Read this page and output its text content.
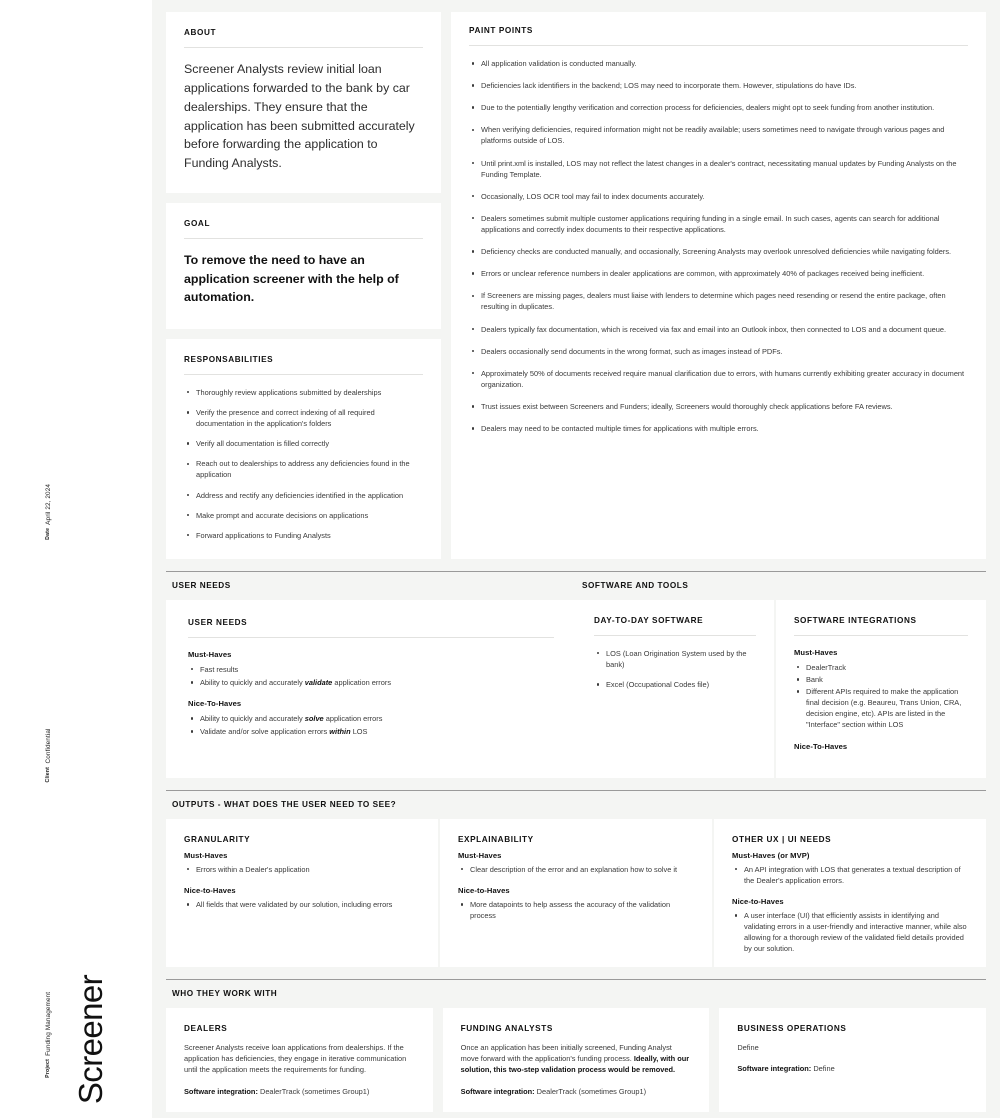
Date
April 22, 2024
Client
Confidential
Project
Funding Management Screener
ABOUT
Screener Analysts review initial loan applications forwarded to the bank by car dealerships. They ensure that the application has been submitted accurately before forwarding the application to Funding Analysts.
GOAL
To remove the need to have an application screener with the help of automation.
RESPONSABILITIES
Thoroughly review applications submitted by dealerships
Verify the presence and correct indexing of all required documentation in the application's folders
Verify all documentation is filled correctly
Reach out to dealerships to address any deficiencies found in the application
Address and rectify any deficiencies identified in the application
Make prompt and accurate decisions on applications
Forward applications to Funding Analysts
PAINT POINTS
All application validation is conducted manually.
Deficiencies lack identifiers in the backend; LOS may need to incorporate them. However, stipulations do have IDs.
Due to the potentially lengthy verification and correction process for deficiencies, dealers might opt to seek funding from another institution.
When verifying deficiencies, required information might not be readily available; users sometimes need to navigate through various pages and platforms outside of LOS.
Until print.xml is installed, LOS may not reflect the latest changes in a dealer's contract, necessitating manual updates by Funding Analysts on the Funding Template.
Occasionally, LOS OCR tool may fail to index documents accurately.
Dealers sometimes submit multiple customer applications requiring funding in a single email. In such cases, agents can search for additional applications and correctly index documents to their respective applications.
Deficiency checks are conducted manually, and occasionally, Screening Analysts may overlook unresolved deficiencies while navigating folders.
Errors or unclear reference numbers in dealer applications are common, with approximately 40% of packages received being inefficient.
If Screeners are missing pages, dealers must liaise with lenders to determine which pages need resending or resend the entire package, often resulting in duplicates.
Dealers typically fax documentation, which is received via fax and email into an Outlook inbox, then connected to LOS and a document queue.
Dealers occasionally send documents in the wrong format, such as images instead of PDFs.
Approximately 50% of documents received require manual clarification due to errors, with humans currently exhibiting greater accuracy in document organization.
Trust issues exist between Screeners and Funders; ideally, Screeners would thoroughly check applications before FA reviews.
Dealers may need to be contacted multiple times for applications with multiple errors.
USER NEEDS
USER NEEDS
Must-Haves
Fast results
Ability to quickly and accurately validate application errors
Nice-To-Haves
Ability to quickly and accurately solve application errors
Validate and/or solve application errors within LOS
SOFTWARE AND TOOLS
DAY-TO-DAY SOFTWARE
LOS (Loan Origination System used by the bank)
Excel (Occupational Codes file)
SOFTWARE INTEGRATIONS
Must-Haves
DealerTrack
Bank
Different APIs required to make the application final decision (e.g. Beaureu, Trans Union, CRA, decision engine, etc). APIs are listed in the "Interface" section within LOS
Nice-To-Haves
OUTPUTS - WHAT DOES THE USER NEED TO SEE?
GRANULARITY
Must-Haves
Errors within a Dealer's application
Nice-to-Haves
All fields that were validated by our solution, including errors
EXPLAINABILITY
Must-Haves
Clear description of the error and an explanation how to solve it
Nice-to-Haves
More datapoints to help assess the accuracy of the validation process
OTHER UX | UI NEEDS
Must-Haves (or MVP)
An API integration with LOS that generates a textual description of the Dealer's application errors.
Nice-to-Haves
A user interface (UI) that efficiently assists in identifying and validating errors in a user-friendly and interactive manner, while also allowing for a thorough review of the validated field details provided by our solution.
WHO THEY WORK WITH
DEALERS
Screener Analysts receive loan applications from dealerships. If the application has deficiencies, they engage in iterative communication until the application meets the requirements for funding.
Software integration: DealerTrack (sometimes Group1)
FUNDING ANALYSTS
Once an application has been initially screened, Funding Analyst move forward with the application's funding process. Ideally, with our solution, this two-step validation process would be removed.
Software integration: DealerTrack (sometimes Group1)
BUSINESS OPERATIONS
Define
Software integration: Define
